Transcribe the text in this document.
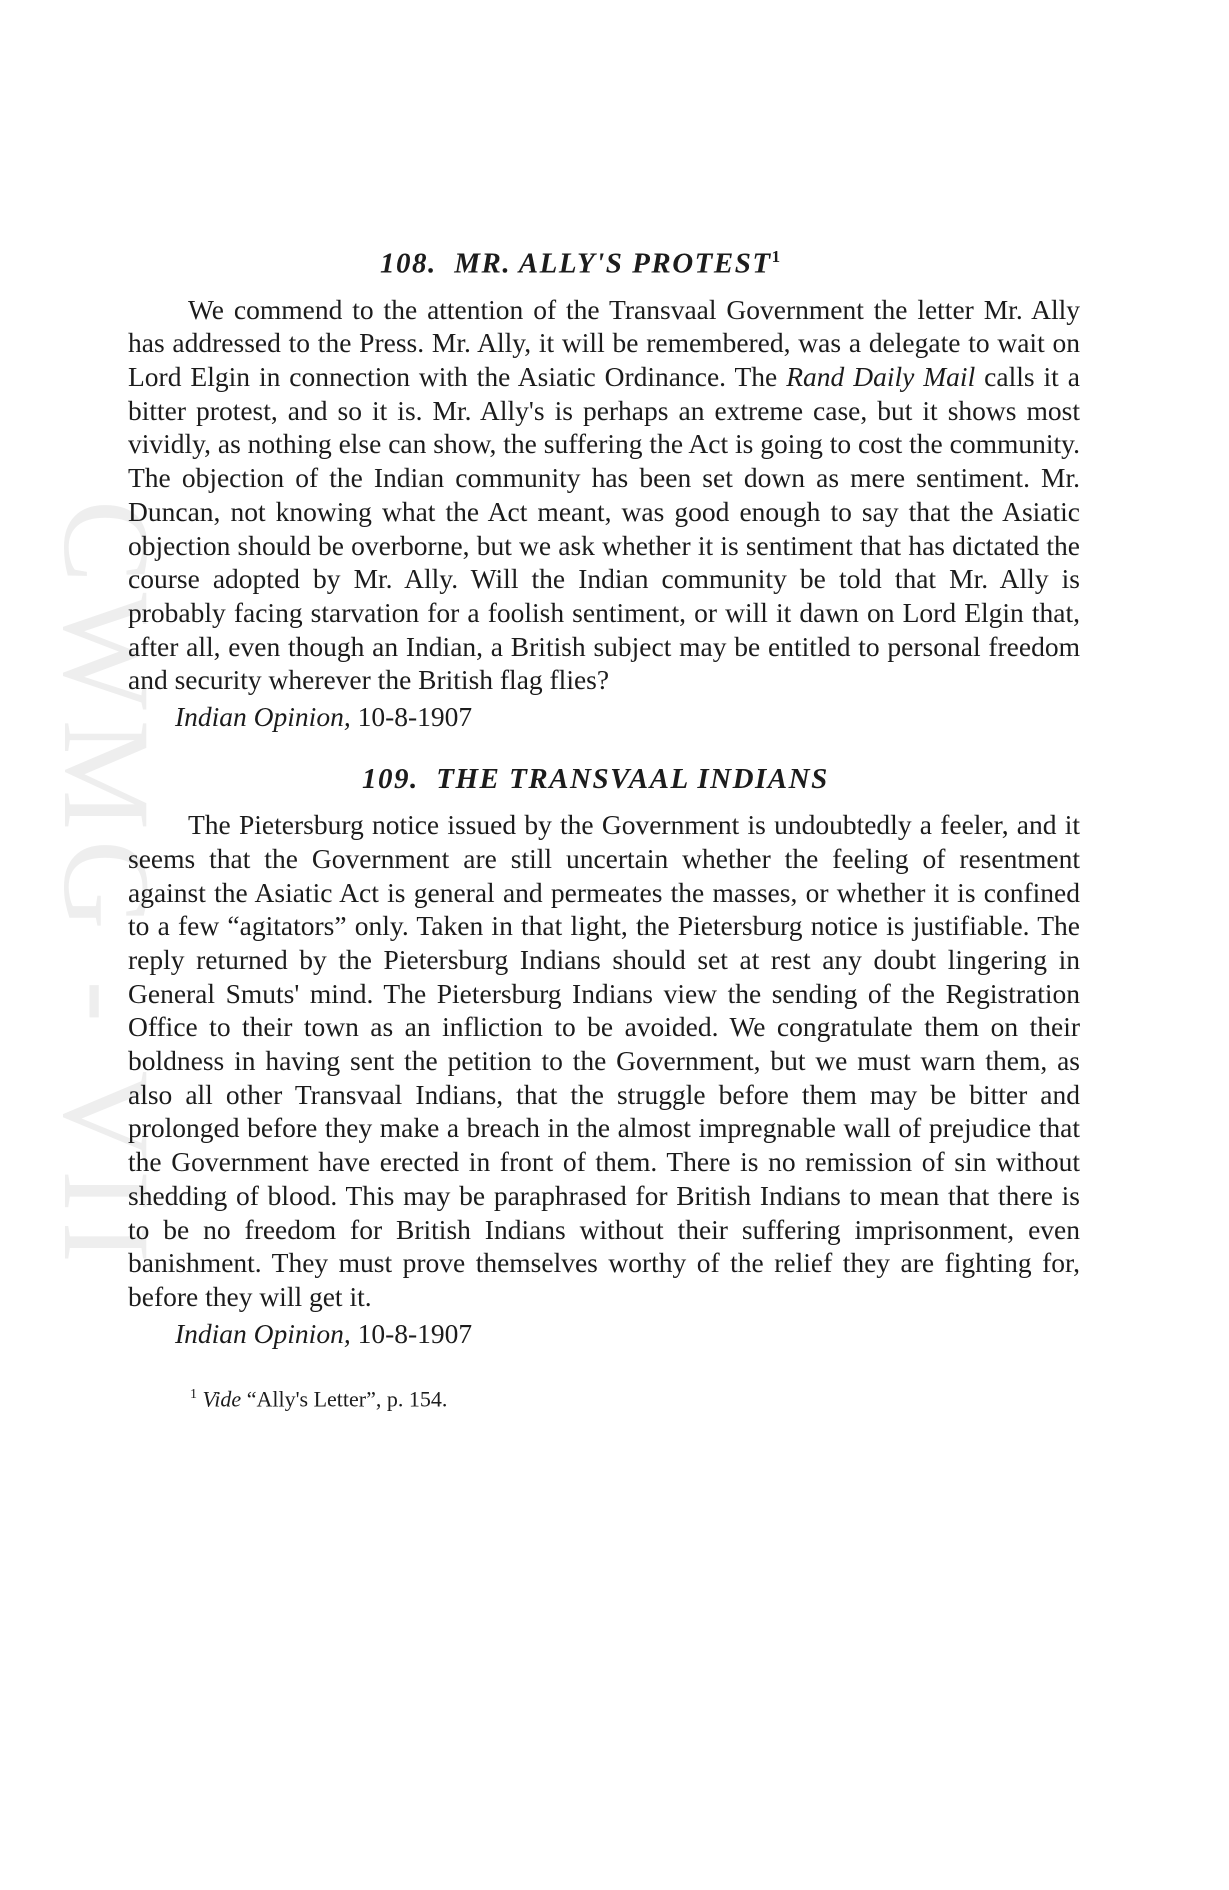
CWMG - VII
108. MR. ALLY'S PROTEST$^1$

We commend to the attention of the Transvaal Government the letter Mr. Ally has addressed to the Press. Mr. Ally, it will be remembered, was a delegate to wait on Lord Elgin in connection with the Asiatic Ordinance. The Rand Daily Mail calls it a bitter protest, and so it is. Mr. Ally's is perhaps an extreme case, but it shows most vividly, as nothing else can show, the suffering the Act is going to cost the community. The objection of the Indian community has been set down as mere sentiment. Mr. Duncan, not knowing what the Act meant, was good enough to say that the Asiatic objection should be overborne, but we ask whether it is sentiment that has dictated the course adopted by Mr. Ally. Will the Indian community be told that Mr. Ally is probably facing starvation for a foolish sentiment, or will it dawn on Lord Elgin that, after all, even though an Indian, a British subject may be entitled to personal freedom and security wherever the British flag flies?

Indian Opinion, 10-8-1907
109. THE TRANSVAAL INDIANS

The Pietersburg notice issued by the Government is undoubtedly a feeler, and it seems that the Government are still uncertain whether the feeling of resentment against the Asiatic Act is general and permeates the masses, or whether it is confined to a few “agitators” only. Taken in that light, the Pietersburg notice is justifiable. The reply returned by the Pietersburg Indians should set at rest any doubt lingering in General Smuts' mind. The Pietersburg Indians view the sending of the Registration Office to their town as an infliction to be avoided. We congratulate them on their boldness in having sent the petition to the Government, but we must warn them, as also all other Transvaal Indians, that the struggle before them may be bitter and prolonged before they make a breach in the almost impregnable wall of prejudice that the Government have erected in front of them. There is no remission of sin without shedding of blood. This may be paraphrased for British Indians to mean that there is to be no freedom for British Indians without their suffering imprisonment, even banishment. They must prove themselves worthy of the relief they are fighting for, before they will get it.

Indian Opinion, 10-8-1907
$^1$ Vide “Ally's Letter”, p. 154.
